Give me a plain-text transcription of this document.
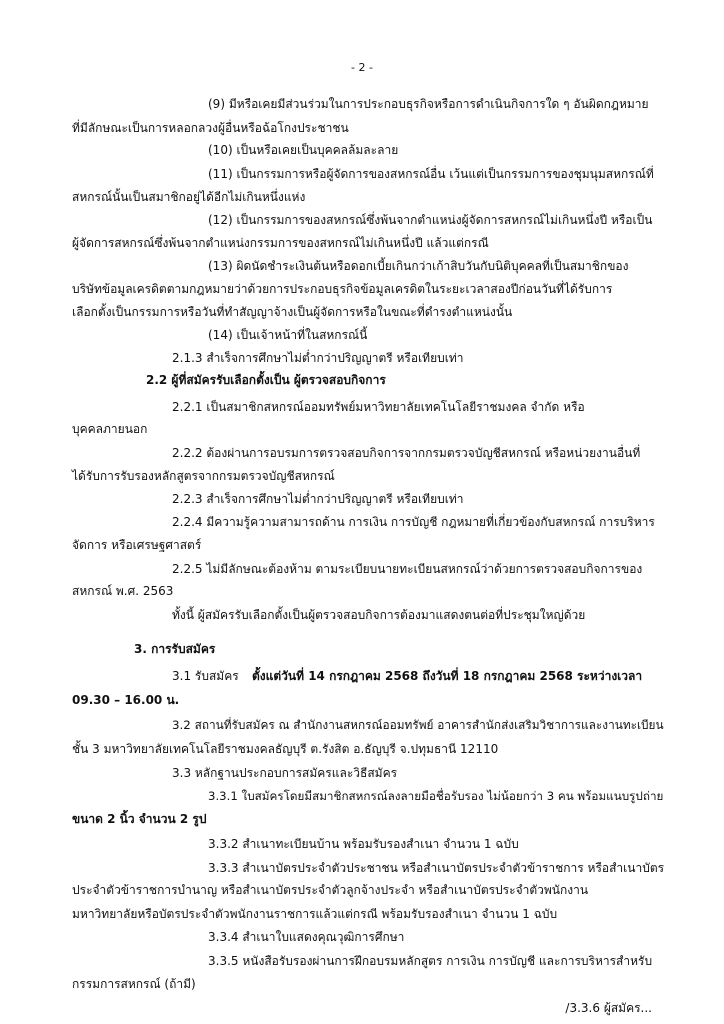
- 2 -
(9) มีหรือเคยมีส่วนร่วมในการประกอบธุรกิจหรือการดำเนินกิจการใด ๆ อันผิดกฎหมาย
ที่มีลักษณะเป็นการหลอกลวงผู้อื่นหรือฉ้อโกงประชาชน
(10) เป็นหรือเคยเป็นบุคคลล้มละลาย
(11) เป็นกรรมการหรือผู้จัดการของสหกรณ์อื่น เว้นแต่เป็นกรรมการของชุมนุมสหกรณ์ที่
สหกรณ์นั้นเป็นสมาชิกอยู่ได้อีกไม่เกินหนึ่งแห่ง
(12) เป็นกรรมการของสหกรณ์ซึ่งพ้นจากตำแหน่งผู้จัดการสหกรณ์ไม่เกินหนึ่งปี หรือเป็น
ผู้จัดการสหกรณ์ซึ่งพ้นจากตำแหน่งกรรมการของสหกรณ์ไม่เกินหนึ่งปี แล้วแต่กรณี
(13) ผิดนัดชำระเงินต้นหรือดอกเบี้ยเกินกว่าเก้าสิบวันกับนิติบุคคลที่เป็นสมาชิกของ
บริษัทข้อมูลเครดิตตามกฎหมายว่าด้วยการประกอบธุรกิจข้อมูลเครดิตในระยะเวลาสองปีก่อนวันที่ได้รับการ
เลือกตั้งเป็นกรรมการหรือวันที่ทำสัญญาจ้างเป็นผู้จัดการหรือในขณะที่ดำรงตำแหน่งนั้น
(14) เป็นเจ้าหน้าที่ในสหกรณ์นี้
2.1.3 สำเร็จการศึกษาไม่ต่ำกว่าปริญญาตรี หรือเทียบเท่า
2.2 ผู้ที่สมัครรับเลือกตั้งเป็น ผู้ตรวจสอบกิจการ
2.2.1 เป็นสมาชิกสหกรณ์ออมทรัพย์มหาวิทยาลัยเทคโนโลยีราชมงคล จำกัด หรือ
บุคคลภายนอก
2.2.2 ต้องผ่านการอบรมการตรวจสอบกิจการจากกรมตรวจบัญชีสหกรณ์ หรือหน่วยงานอื่นที่
ได้รับการรับรองหลักสูตรจากกรมตรวจบัญชีสหกรณ์
2.2.3 สำเร็จการศึกษาไม่ต่ำกว่าปริญญาตรี หรือเทียบเท่า
2.2.4 มีความรู้ความสามารถด้าน การเงิน การบัญชี กฎหมายที่เกี่ยวข้องกับสหกรณ์ การบริหาร
จัดการ หรือเศรษฐศาสตร์
2.2.5 ไม่มีลักษณะต้องห้าม ตามระเบียบนายทะเบียนสหกรณ์ว่าด้วยการตรวจสอบกิจการของ
สหกรณ์ พ.ศ. 2563
ทั้งนี้ ผู้สมัครรับเลือกตั้งเป็นผู้ตรวจสอบกิจการต้องมาแสดงตนต่อที่ประชุมใหญ่ด้วย
3. การรับสมัคร
3.1 รับสมัคร ตั้งแต่วันที่ 14 กรกฎาคม 2568 ถึงวันที่ 18 กรกฎาคม 2568 ระหว่างเวลา
09.30 – 16.00 น.
3.2 สถานที่รับสมัคร ณ สำนักงานสหกรณ์ออมทรัพย์ อาคารสำนักส่งเสริมวิชาการและงานทะเบียน
ชั้น 3 มหาวิทยาลัยเทคโนโลยีราชมงคลธัญบุรี ต.รังสิต อ.ธัญบุรี จ.ปทุมธานี 12110
3.3 หลักฐานประกอบการสมัครและวิธีสมัคร
3.3.1 ใบสมัครโดยมีสมาชิกสหกรณ์ลงลายมือชื่อรับรอง ไม่น้อยกว่า 3 คน พร้อมแนบรูปถ่าย
ขนาด 2 นิ้ว จำนวน 2 รูป
3.3.2 สำเนาทะเบียนบ้าน พร้อมรับรองสำเนา จำนวน 1 ฉบับ
3.3.3 สำเนาบัตรประจำตัวประชาชน หรือสำเนาบัตรประจำตัวข้าราชการ หรือสำเนาบัตร
ประจำตัวข้าราชการบำนาญ หรือสำเนาบัตรประจำตัวลูกจ้างประจำ หรือสำเนาบัตรประจำตัวพนักงาน
มหาวิทยาลัยหรือบัตรประจำตัวพนักงานราชการแล้วแต่กรณี พร้อมรับรองสำเนา จำนวน 1 ฉบับ
3.3.4 สำเนาใบแสดงคุณวุฒิการศึกษา
3.3.5 หนังสือรับรองผ่านการฝึกอบรมหลักสูตร การเงิน การบัญชี และการบริหารสำหรับ
กรรมการสหกรณ์ (ถ้ามี)
/3.3.6 ผู้สมัคร...
